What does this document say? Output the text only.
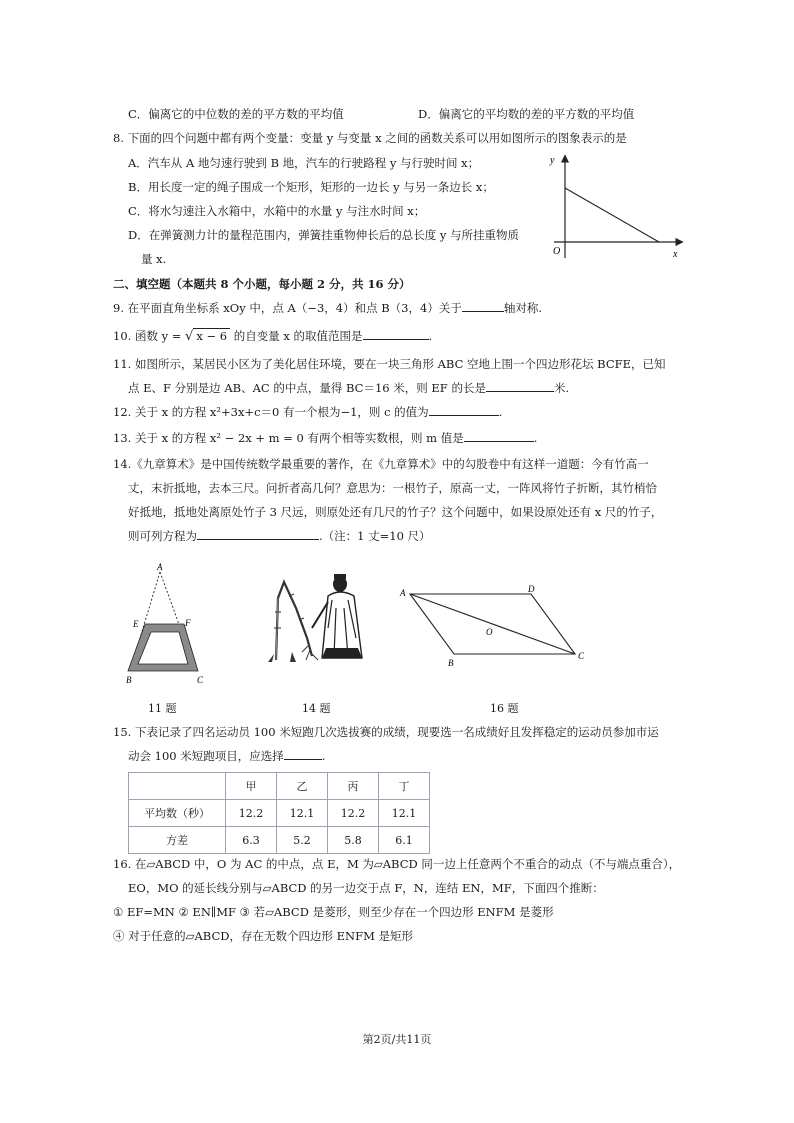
C．偏离它的中位数的差的平方数的平均值	D．偏离它的平均数的差的平方数的平均值
8. 下面的四个问题中都有两个变量：变量 y 与变量 x 之间的函数关系可以用如图所示的图象表示的是
A．汽车从 A 地匀速行驶到 B 地，汽车的行驶路程 y 与行驶时间 x；
B．用长度一定的绳子围成一个矩形，矩形的一边长 y 与另一条边长 x；
C．将水匀速注入水箱中，水箱中的水量 y 与注水时间 x；
D．在弹簧测力计的量程范围内，弹簧挂重物伸长后的总长度 y 与所挂重物质
量 x.
y
x
O
二、填空题（本题共 8 个小题，每小题 2 分，共 16 分）
9. 在平面直角坐标系 xOy 中，点 A（−3，4）和点 B（3，4）关于	轴对称.
10. 函数 y = √ x − 6 的自变量 x 的取值范围是	.
11. 如图所示，某居民小区为了美化居住环境，要在一块三角形 ABC 空地上围一个四边形花坛 BCFE，已知
点 E、F 分别是边 AB、AC 的中点，量得 BC＝16 米，则 EF 的长是	米.
12. 关于 x 的方程 x²+3x+c＝0 有一个根为−1，则 c 的值为	.
13. 关于 x 的方程 x² − 2x + m = 0 有两个相等实数根，则 m 值是	.
14.《九章算术》是中国传统数学最重要的著作，在《九章算术》中的勾股卷中有这样一道题：今有竹高一
丈，末折抵地，去本三尺。问折者高几何？意思为：一根竹子，原高一丈，一阵风将竹子折断，其竹梢恰
好抵地，抵地处离原处竹子 3 尺远，则原处还有几尺的竹子？这个问题中，如果设原处还有 x 尺的竹子，
则可列方程为	.（注：1 丈=10 尺）
A
E	F
B	C
11 题	14 题
A	D
O
B
C
16 题
15. 下表记录了四名运动员 100 米短跑几次选拔赛的成绩，现要选一名成绩好且发挥稳定的运动员参加市运
动会 100 米短跑项目，应选择	.
	甲	乙	丙	丁
平均数（秒）	12.2	12.1	12.2	12.1
方差	6.3	5.2	5.8	6.1
16. 在▱ABCD 中，O 为 AC 的中点，点 E，M 为▱ABCD 同一边上任意两个不重合的动点（不与端点重合），
EO，MO 的延长线分别与▱ABCD 的另一边交于点 F，N，连结 EN，MF，下面四个推断：
① EF=MN ② EN∥MF ③ 若▱ABCD 是菱形，则至少存在一个四边形 ENFM 是菱形
④ 对于任意的▱ABCD，存在无数个四边形 ENFM 是矩形
第2页/共11页
